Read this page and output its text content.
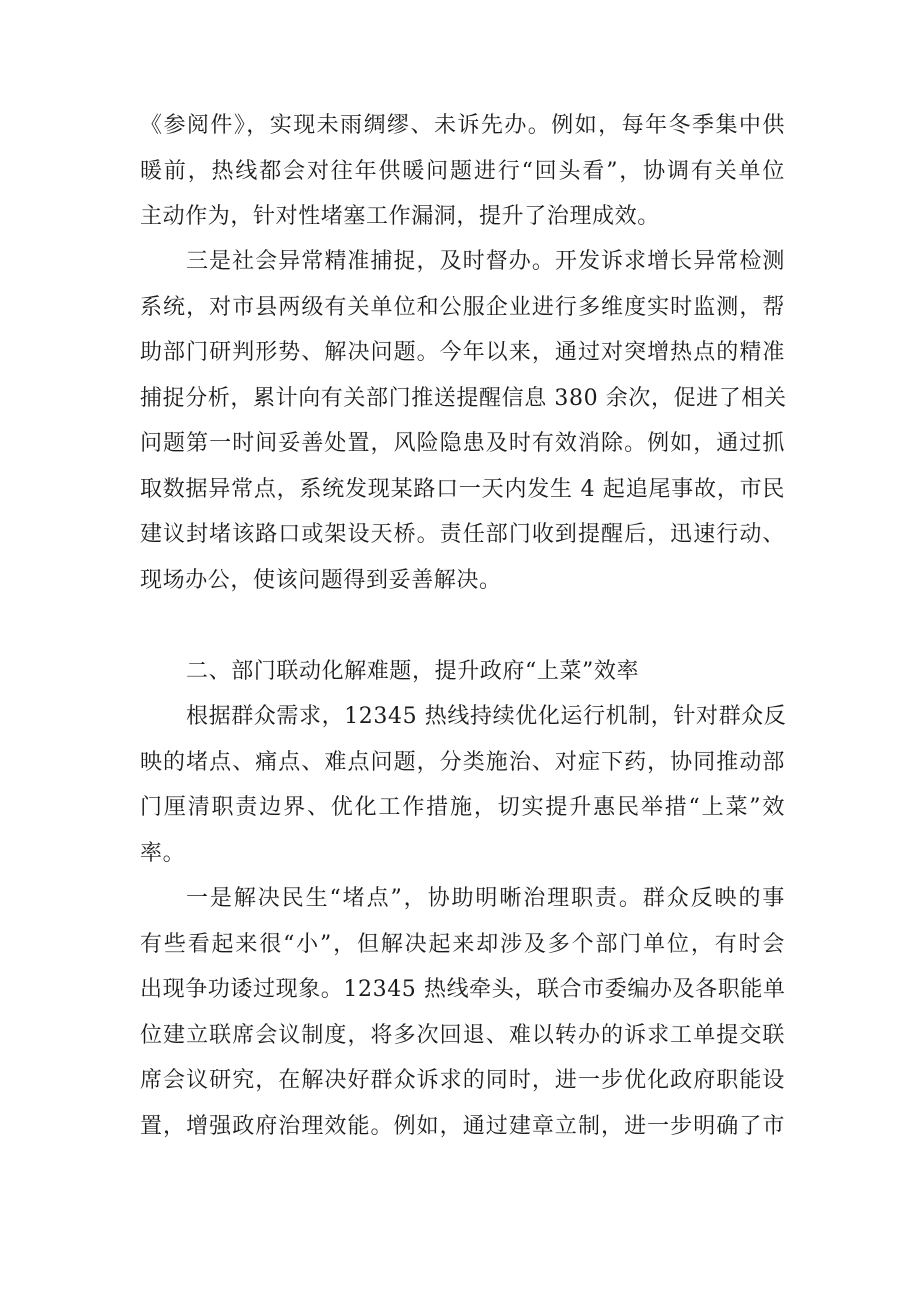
《参阅件》，实现未雨绸缪、未诉先办。例如，每年冬季集中供
暖前，热线都会对往年供暖问题进行“回头看”，协调有关单位
主动作为，针对性堵塞工作漏洞，提升了治理成效。
三是社会异常精准捕捉，及时督办。开发诉求增长异常检测
系统，对市县两级有关单位和公服企业进行多维度实时监测，帮
助部门研判形势、解决问题。今年以来，通过对突增热点的精准
捕捉分析，累计向有关部门推送提醒信息 380 余次，促进了相关
问题第一时间妥善处置，风险隐患及时有效消除。例如，通过抓
取数据异常点，系统发现某路口一天内发生 4 起追尾事故，市民
建议封堵该路口或架设天桥。责任部门收到提醒后，迅速行动、
现场办公，使该问题得到妥善解决。
二、部门联动化解难题，提升政府“上菜”效率
根据群众需求，12345 热线持续优化运行机制，针对群众反
映的堵点、痛点、难点问题，分类施治、对症下药，协同推动部
门厘清职责边界、优化工作措施，切实提升惠民举措“上菜”效
率。
一是解决民生“堵点”，协助明晰治理职责。群众反映的事
有些看起来很“小”，但解决起来却涉及多个部门单位，有时会
出现争功诿过现象。12345 热线牵头，联合市委编办及各职能单
位建立联席会议制度，将多次回退、难以转办的诉求工单提交联
席会议研究，在解决好群众诉求的同时，进一步优化政府职能设
置，增强政府治理效能。例如，通过建章立制，进一步明确了市
